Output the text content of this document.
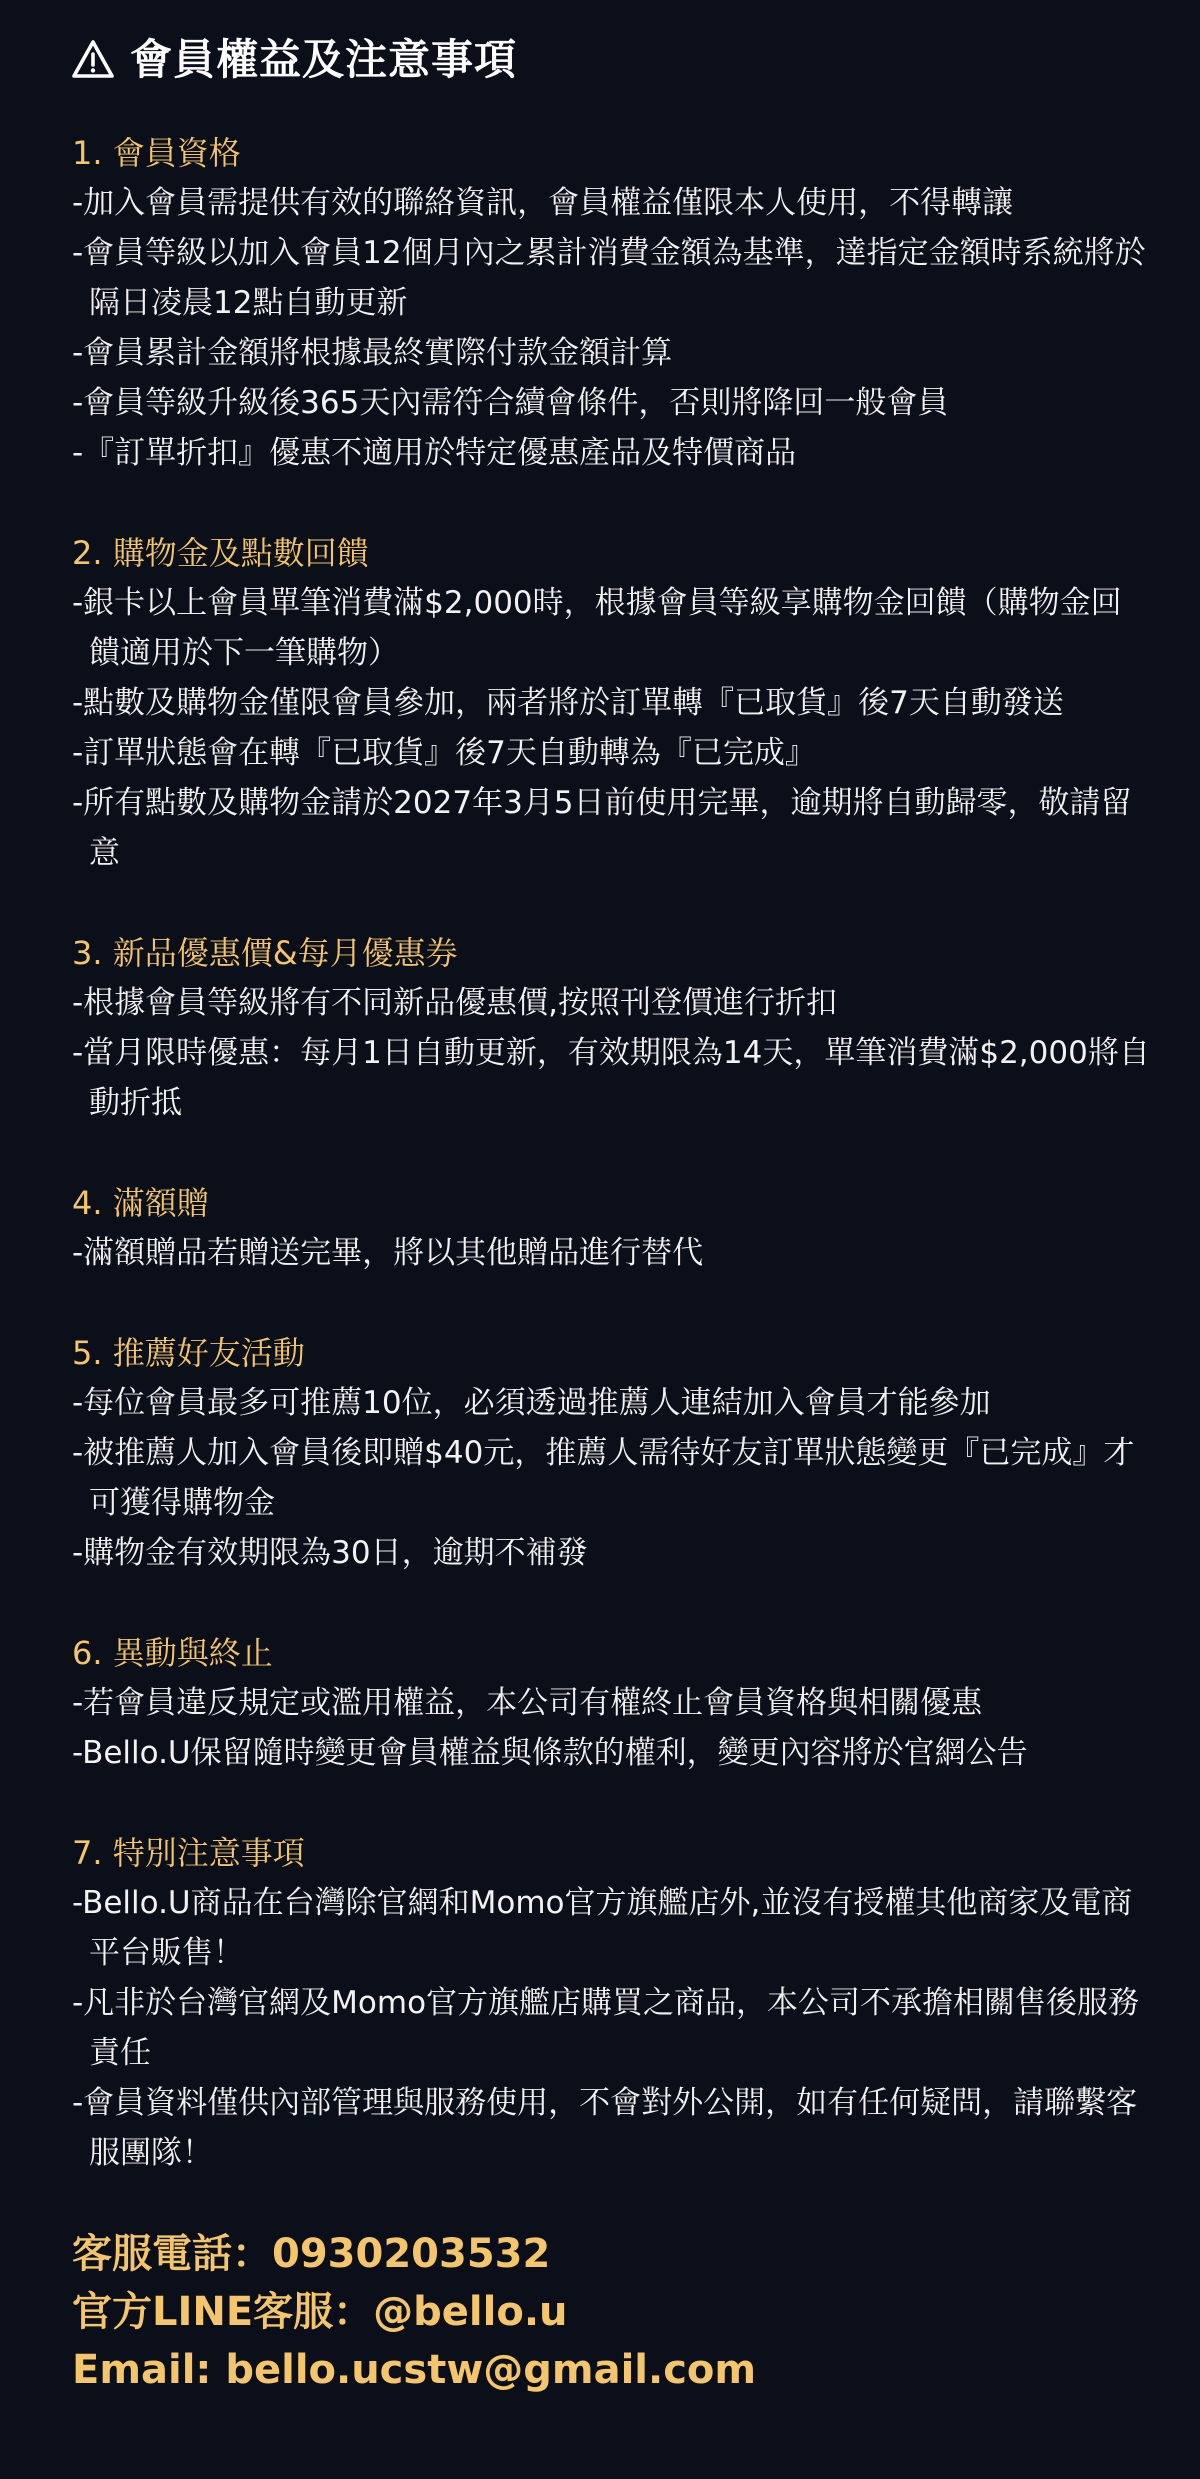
會員權益及注意事項
1. 會員資格

-加入會員需提供有效的聯絡資訊，會員權益僅限本人使用，不得轉讓

-會員等級以加入會員12個月內之累計消費金額為基準，達指定金額時系統將於隔日凌晨12點自動更新

-會員累計金額將根據最終實際付款金額計算

-會員等級升級後365天內需符合續會條件，否則將降回一般會員

-『訂單折扣』優惠不適用於特定優惠產品及特價商品

2. 購物金及點數回饋

-銀卡以上會員單筆消費滿$2,000時，根據會員等級享購物金回饋（購物金回饋適用於下一筆購物）

-點數及購物金僅限會員參加，兩者將於訂單轉『已取貨』後7天自動發送

-訂單狀態會在轉『已取貨』後7天自動轉為『已完成』

-所有點數及購物金請於2027年3月5日前使用完畢，逾期將自動歸零，敬請留意

3. 新品優惠價&每月優惠券

-根據會員等級將有不同新品優惠價,按照刊登價進行折扣

-當月限時優惠：每月1日自動更新，有效期限為14天，單筆消費滿$2,000將自動折抵

4. 滿額贈

-滿額贈品若贈送完畢，將以其他贈品進行替代

5. 推薦好友活動

-每位會員最多可推薦10位，必須透過推薦人連結加入會員才能參加

-被推薦人加入會員後即贈$40元，推薦人需待好友訂單狀態變更『已完成』才可獲得購物金

-購物金有效期限為30日，逾期不補發

6. 異動與終止

-若會員違反規定或濫用權益，本公司有權終止會員資格與相關優惠

-Bello.U保留隨時變更會員權益與條款的權利，變更內容將於官網公告

7. 特別注意事項

-Bello.U商品在台灣除官網和Momo官方旗艦店外,並沒有授權其他商家及電商平台販售！

-凡非於台灣官網及Momo官方旗艦店購買之商品，本公司不承擔相關售後服務責任

-會員資料僅供內部管理與服務使用，不會對外公開，如有任何疑問，請聯繫客服團隊！

客服電話：0930203532

官方LINE客服：@bello.u

Email: bello.ucstw@gmail.com
